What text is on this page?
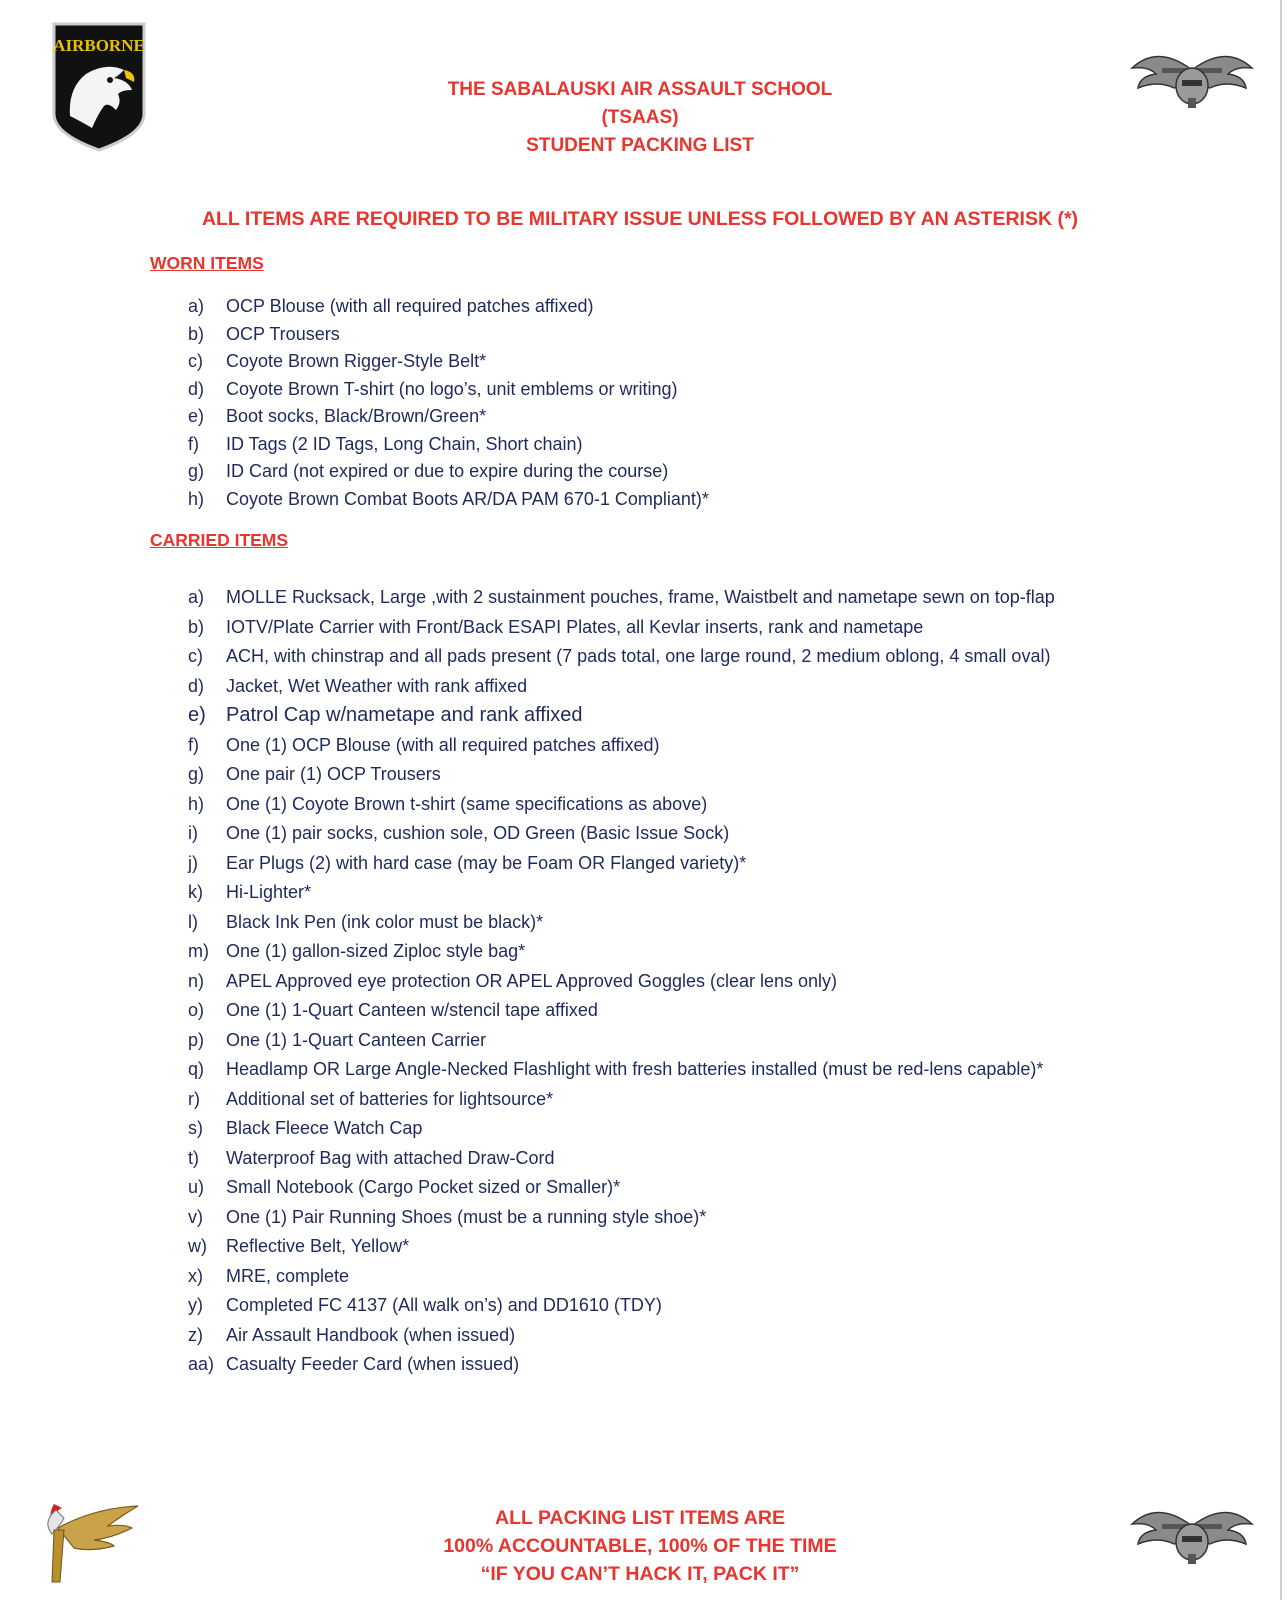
AIRBORNE
THE SABALAUSKI AIR ASSAULT SCHOOL
(TSAAS)
STUDENT PACKING LIST
ALL ITEMS ARE REQUIRED TO BE MILITARY ISSUE UNLESS FOLLOWED BY AN ASTERISK (*)
WORN ITEMS
a)	OCP Blouse (with all required patches affixed)
b)	OCP Trousers
c)	Coyote Brown Rigger-Style Belt*
d)	Coyote Brown T-shirt (no logo’s, unit emblems or writing)
e)	Boot socks, Black/Brown/Green*
f)	ID Tags (2 ID Tags, Long Chain, Short chain)
g)	ID Card (not expired or due to expire during the course)
h)	Coyote Brown Combat Boots AR/DA PAM 670-1 Compliant)*
CARRIED ITEMS
a)	MOLLE Rucksack, Large ,with 2 sustainment pouches, frame, Waistbelt and nametape sewn on top-flap
b)	IOTV/Plate Carrier with Front/Back ESAPI Plates, all Kevlar inserts, rank and nametape
c)	ACH, with chinstrap and all pads present (7 pads total, one large round, 2 medium oblong, 4 small oval)
d)	Jacket, Wet Weather with rank affixed
e)	Patrol Cap w/nametape and rank affixed
f)	One (1) OCP Blouse (with all required patches affixed)
g)	One pair (1) OCP Trousers
h)	One (1) Coyote Brown t-shirt (same specifications as above)
i)	One (1) pair socks, cushion sole, OD Green (Basic Issue Sock)
j)	Ear Plugs (2) with hard case (may be Foam OR Flanged variety)*
k)	Hi-Lighter*
l)	Black Ink Pen (ink color must be black)*
m) One (1) gallon-sized Ziploc style bag*
n)	APEL Approved eye protection OR APEL Approved Goggles (clear lens only)
o)	One (1) 1-Quart Canteen w/stencil tape affixed
p)	One (1) 1-Quart Canteen Carrier
q)	Headlamp OR Large Angle-Necked Flashlight with fresh batteries installed (must be red-lens capable)*
r)	Additional set of batteries for lightsource*
s)	Black Fleece Watch Cap
t)	Waterproof Bag with attached Draw-Cord
u)	Small Notebook (Cargo Pocket sized or Smaller)*
v)	One (1) Pair Running Shoes (must be a running style shoe)*
w)	Reflective Belt, Yellow*
x)	MRE, complete
y)	Completed FC 4137 (All walk on’s) and DD1610 (TDY)
z)	Air Assault Handbook (when issued)
aa) Casualty Feeder Card (when issued)
ALL PACKING LIST ITEMS ARE
100% ACCOUNTABLE, 100% OF THE TIME
“IF YOU CAN’T HACK IT, PACK IT”
